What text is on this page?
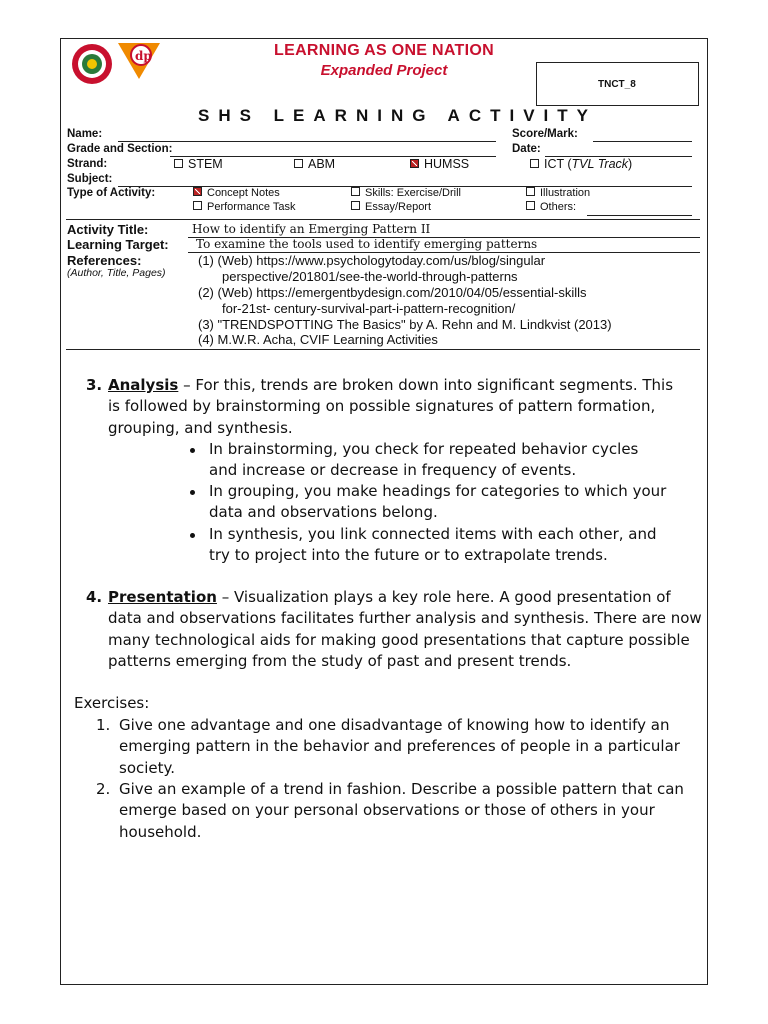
dp	LEARNING AS ONE NATION
Expanded Project
TNCT_8
SHS LEARNING ACTIVITY
Name:	Score/Mark:
Grade and Section:	Date:
Strand:	STEM	ABM	HUMSS	ICT (TVL Track)
Subject:
Type of Activity:	Concept Notes	Skills: Exercise/Drill	Illustration
Performance Task	Essay/Report	Others:
Activity Title:	How to identify an Emerging Pattern II
Learning Target: To examine the tools used to identify emerging patterns
References:
(Author, Title, Pages)
(1) (Web) https://www.psychologytoday.com/us/blog/singular
perspective/201801/see-the-world-through-patterns
(2) (Web) https://emergentbydesign.com/2010/04/05/essential-skills
for-21st- century-survival-part-i-pattern-recognition/
(3) "TRENDSPOTTING The Basics" by A. Rehn and M. Lindkvist (2013)
(4) M.W.R. Acha, CVIF Learning Activities
3. Analysis – For this, trends are broken down into significant segments. This
is followed by brainstorming on possible signatures of pattern formation,
grouping, and synthesis.
In brainstorming, you check for repeated behavior cycles
and increase or decrease in frequency of events.
In grouping, you make headings for categories to which your
data and observations belong.
In synthesis, you link connected items with each other, and
try to project into the future or to extrapolate trends.
4. Presentation – Visualization plays a key role here. A good presentation of
data and observations facilitates further analysis and synthesis. There are now
many technological aids for making good presentations that capture possible
patterns emerging from the study of past and present trends.
Exercises:
1. Give one advantage and one disadvantage of knowing how to identify an
emerging pattern in the behavior and preferences of people in a particular
society.
2. Give an example of a trend in fashion. Describe a possible pattern that can
emerge based on your personal observations or those of others in your
household.
